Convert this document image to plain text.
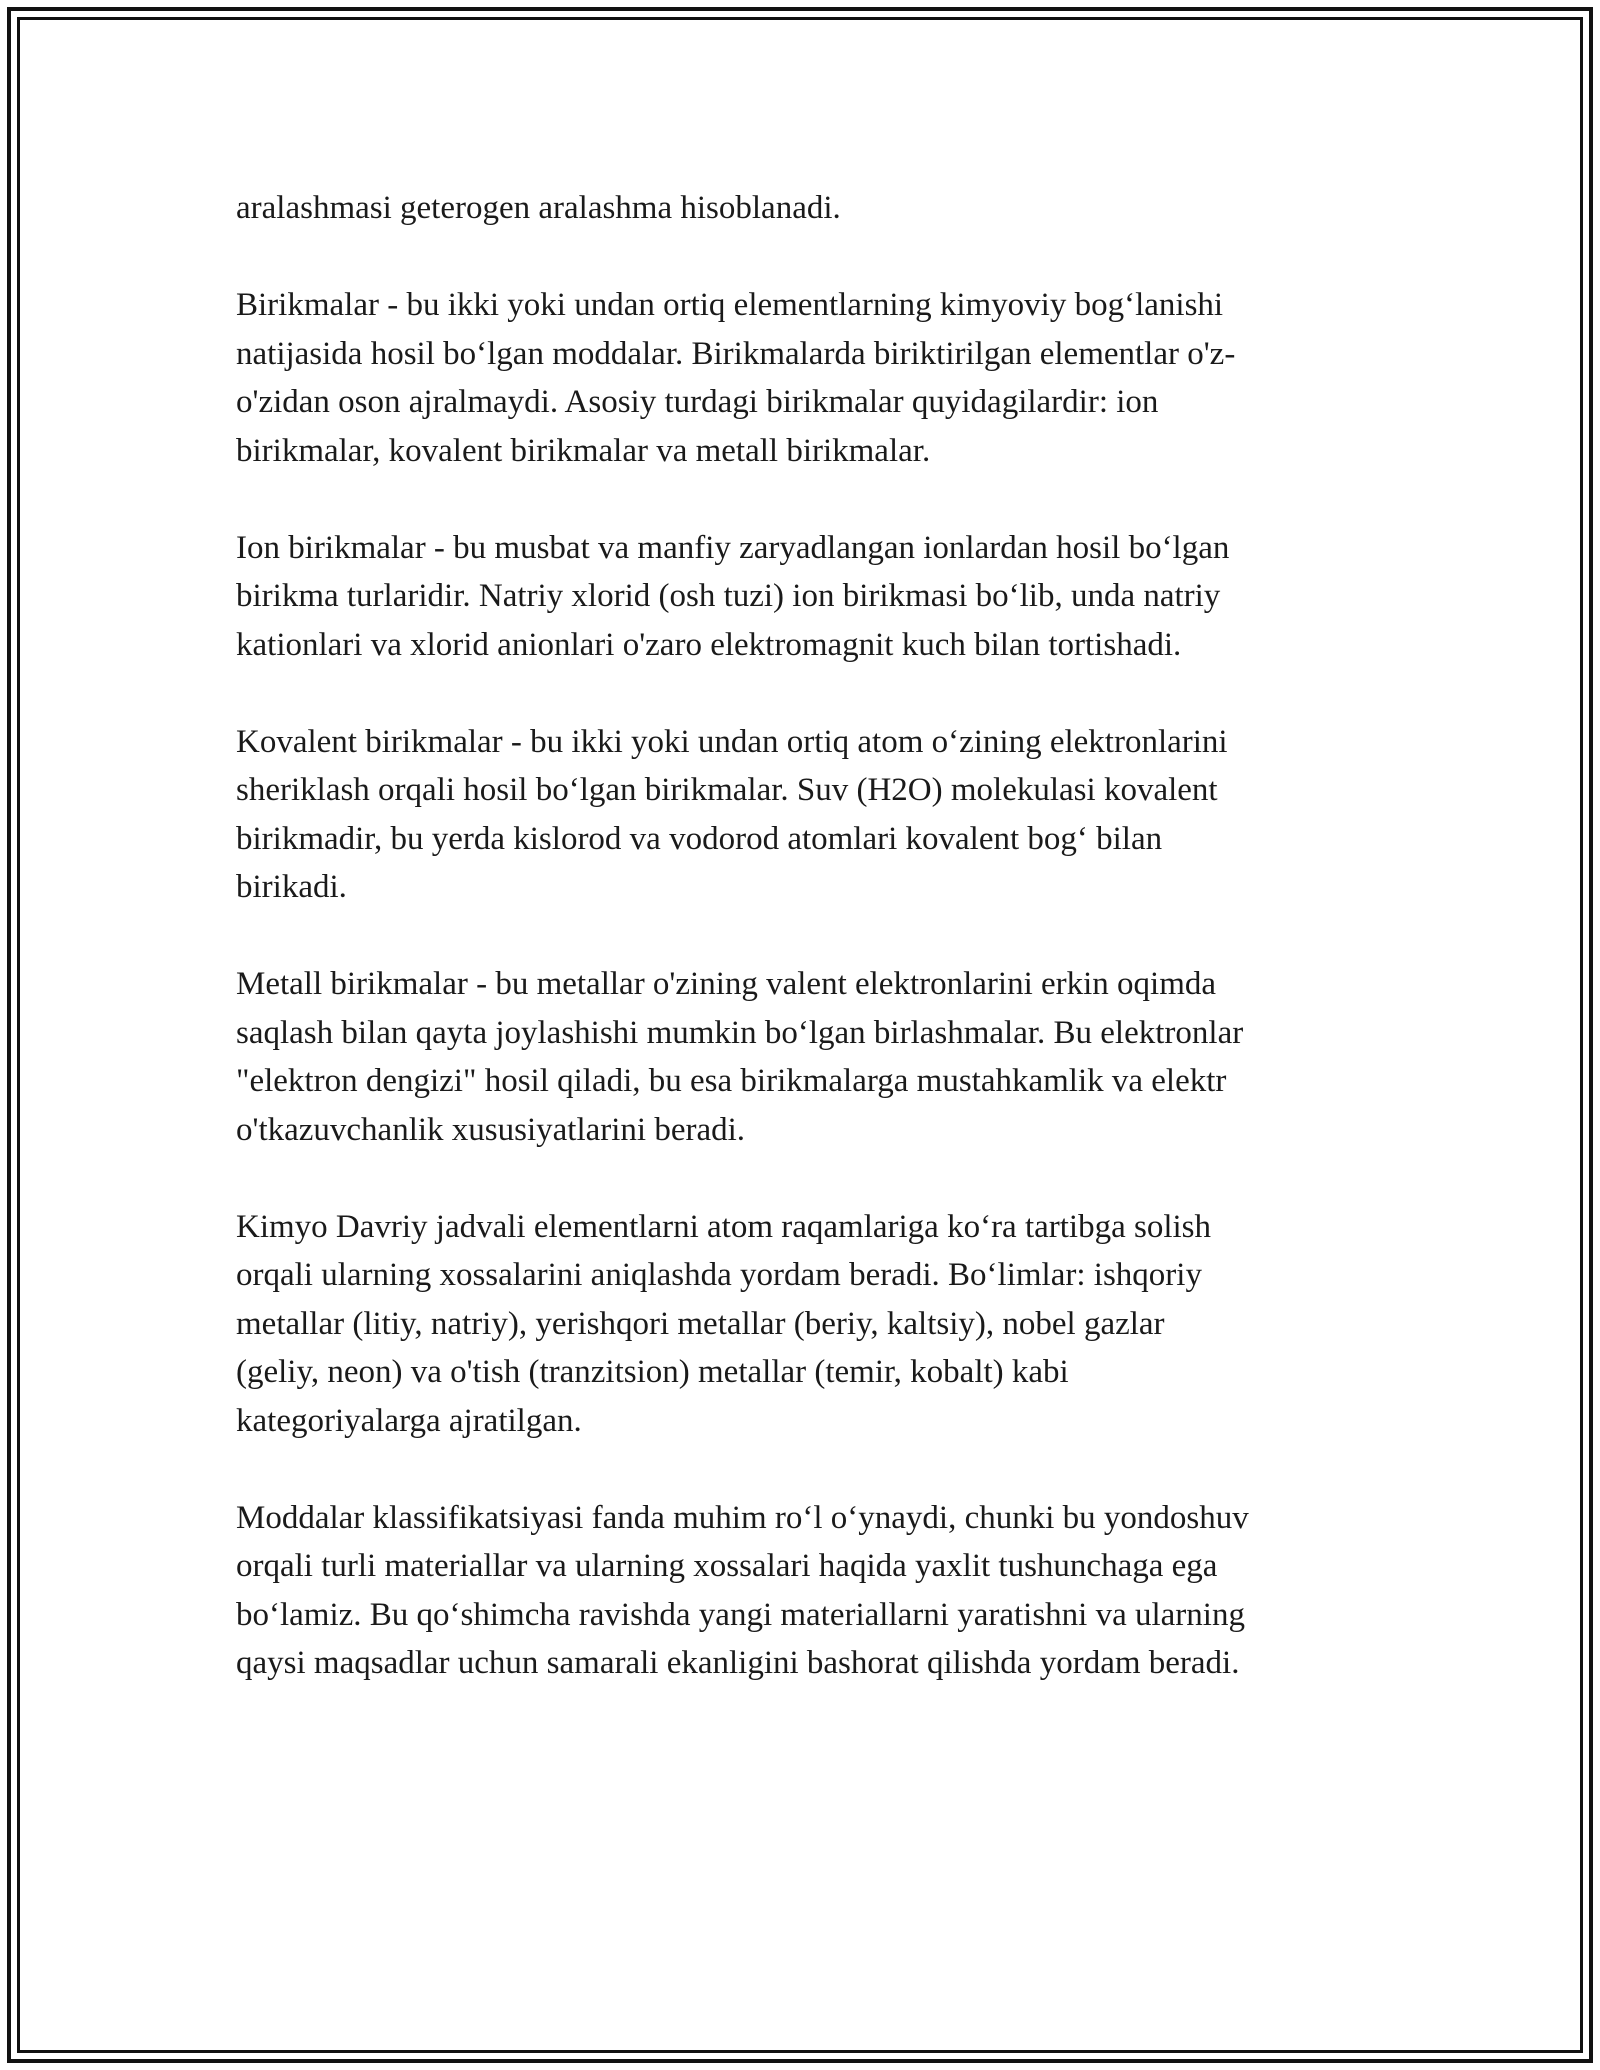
aralashmasi geterogen aralashma hisoblanadi.

Birikmalar - bu ikki yoki undan ortiq elementlarning kimyoviy bog‘lanishi
natijasida hosil bo‘lgan moddalar. Birikmalarda biriktirilgan elementlar o'z-
o'zidan oson ajralmaydi. Asosiy turdagi birikmalar quyidagilardir: ion
birikmalar, kovalent birikmalar va metall birikmalar.

Ion birikmalar - bu musbat va manfiy zaryadlangan ionlardan hosil bo‘lgan
birikma turlaridir. Natriy xlorid (osh tuzi) ion birikmasi bo‘lib, unda natriy
kationlari va xlorid anionlari o'zaro elektromagnit kuch bilan tortishadi.

Kovalent birikmalar - bu ikki yoki undan ortiq atom o‘zining elektronlarini
sheriklash orqali hosil bo‘lgan birikmalar. Suv (H2O) molekulasi kovalent
birikmadir, bu yerda kislorod va vodorod atomlari kovalent bog‘ bilan
birikadi.

Metall birikmalar - bu metallar o'zining valent elektronlarini erkin oqimda
saqlash bilan qayta joylashishi mumkin bo‘lgan birlashmalar. Bu elektronlar
"elektron dengizi" hosil qiladi, bu esa birikmalarga mustahkamlik va elektr
o'tkazuvchanlik xususiyatlarini beradi.

Kimyo Davriy jadvali elementlarni atom raqamlariga ko‘ra tartibga solish
orqali ularning xossalarini aniqlashda yordam beradi. Bo‘limlar: ishqoriy
metallar (litiy, natriy), yerishqori metallar (beriy, kaltsiy), nobel gazlar
(geliy, neon) va o'tish (tranzitsion) metallar (temir, kobalt) kabi
kategoriyalarga ajratilgan.

Moddalar klassifikatsiyasi fanda muhim ro‘l o‘ynaydi, chunki bu yondoshuv
orqali turli materiallar va ularning xossalari haqida yaxlit tushunchaga ega
bo‘lamiz. Bu qo‘shimcha ravishda yangi materiallarni yaratishni va ularning
qaysi maqsadlar uchun samarali ekanligini bashorat qilishda yordam beradi.
